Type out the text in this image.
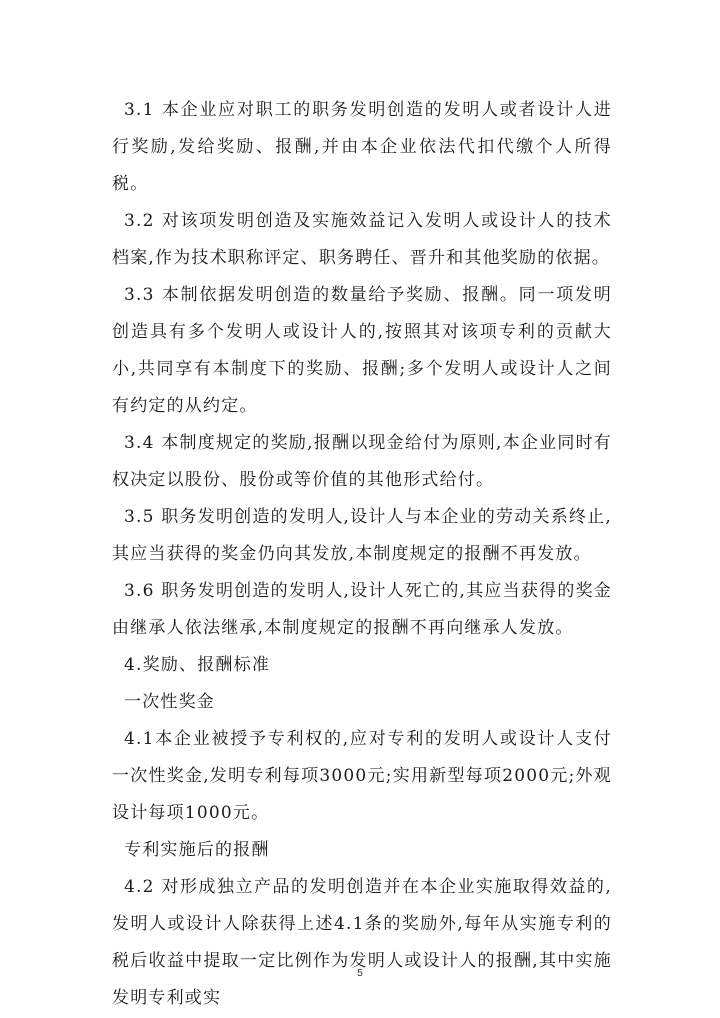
3.1 本企业应对职工的职务发明创造的发明人或者设计人进行奖励,发给奖励、报酬,并由本企业依法代扣代缴个人所得税。

3.2 对该项发明创造及实施效益记入发明人或设计人的技术档案,作为技术职称评定、职务聘任、晋升和其他奖励的依据。

3.3 本制依据发明创造的数量给予奖励、报酬。同一项发明创造具有多个发明人或设计人的,按照其对该项专利的贡献大小,共同享有本制度下的奖励、报酬;多个发明人或设计人之间有约定的从约定。

3.4 本制度规定的奖励,报酬以现金给付为原则,本企业同时有权决定以股份、股份或等价值的其他形式给付。

3.5 职务发明创造的发明人,设计人与本企业的劳动关系终止,其应当获得的奖金仍向其发放,本制度规定的报酬不再发放。

3.6 职务发明创造的发明人,设计人死亡的,其应当获得的奖金由继承人依法继承,本制度规定的报酬不再向继承人发放。

4.奖励、报酬标准

一次性奖金

4.1本企业被授予专利权的,应对专利的发明人或设计人支付一次性奖金,发明专利每项3000元;实用新型每项2000元;外观设计每项1000元。

专利实施后的报酬

4.2 对形成独立产品的发明创造并在本企业实施取得效益的,发明人或设计人除获得上述4.1条的奖励外,每年从实施专利的税后收益中提取一定比例作为发明人或设计人的报酬,其中实施发明专利或实

5
